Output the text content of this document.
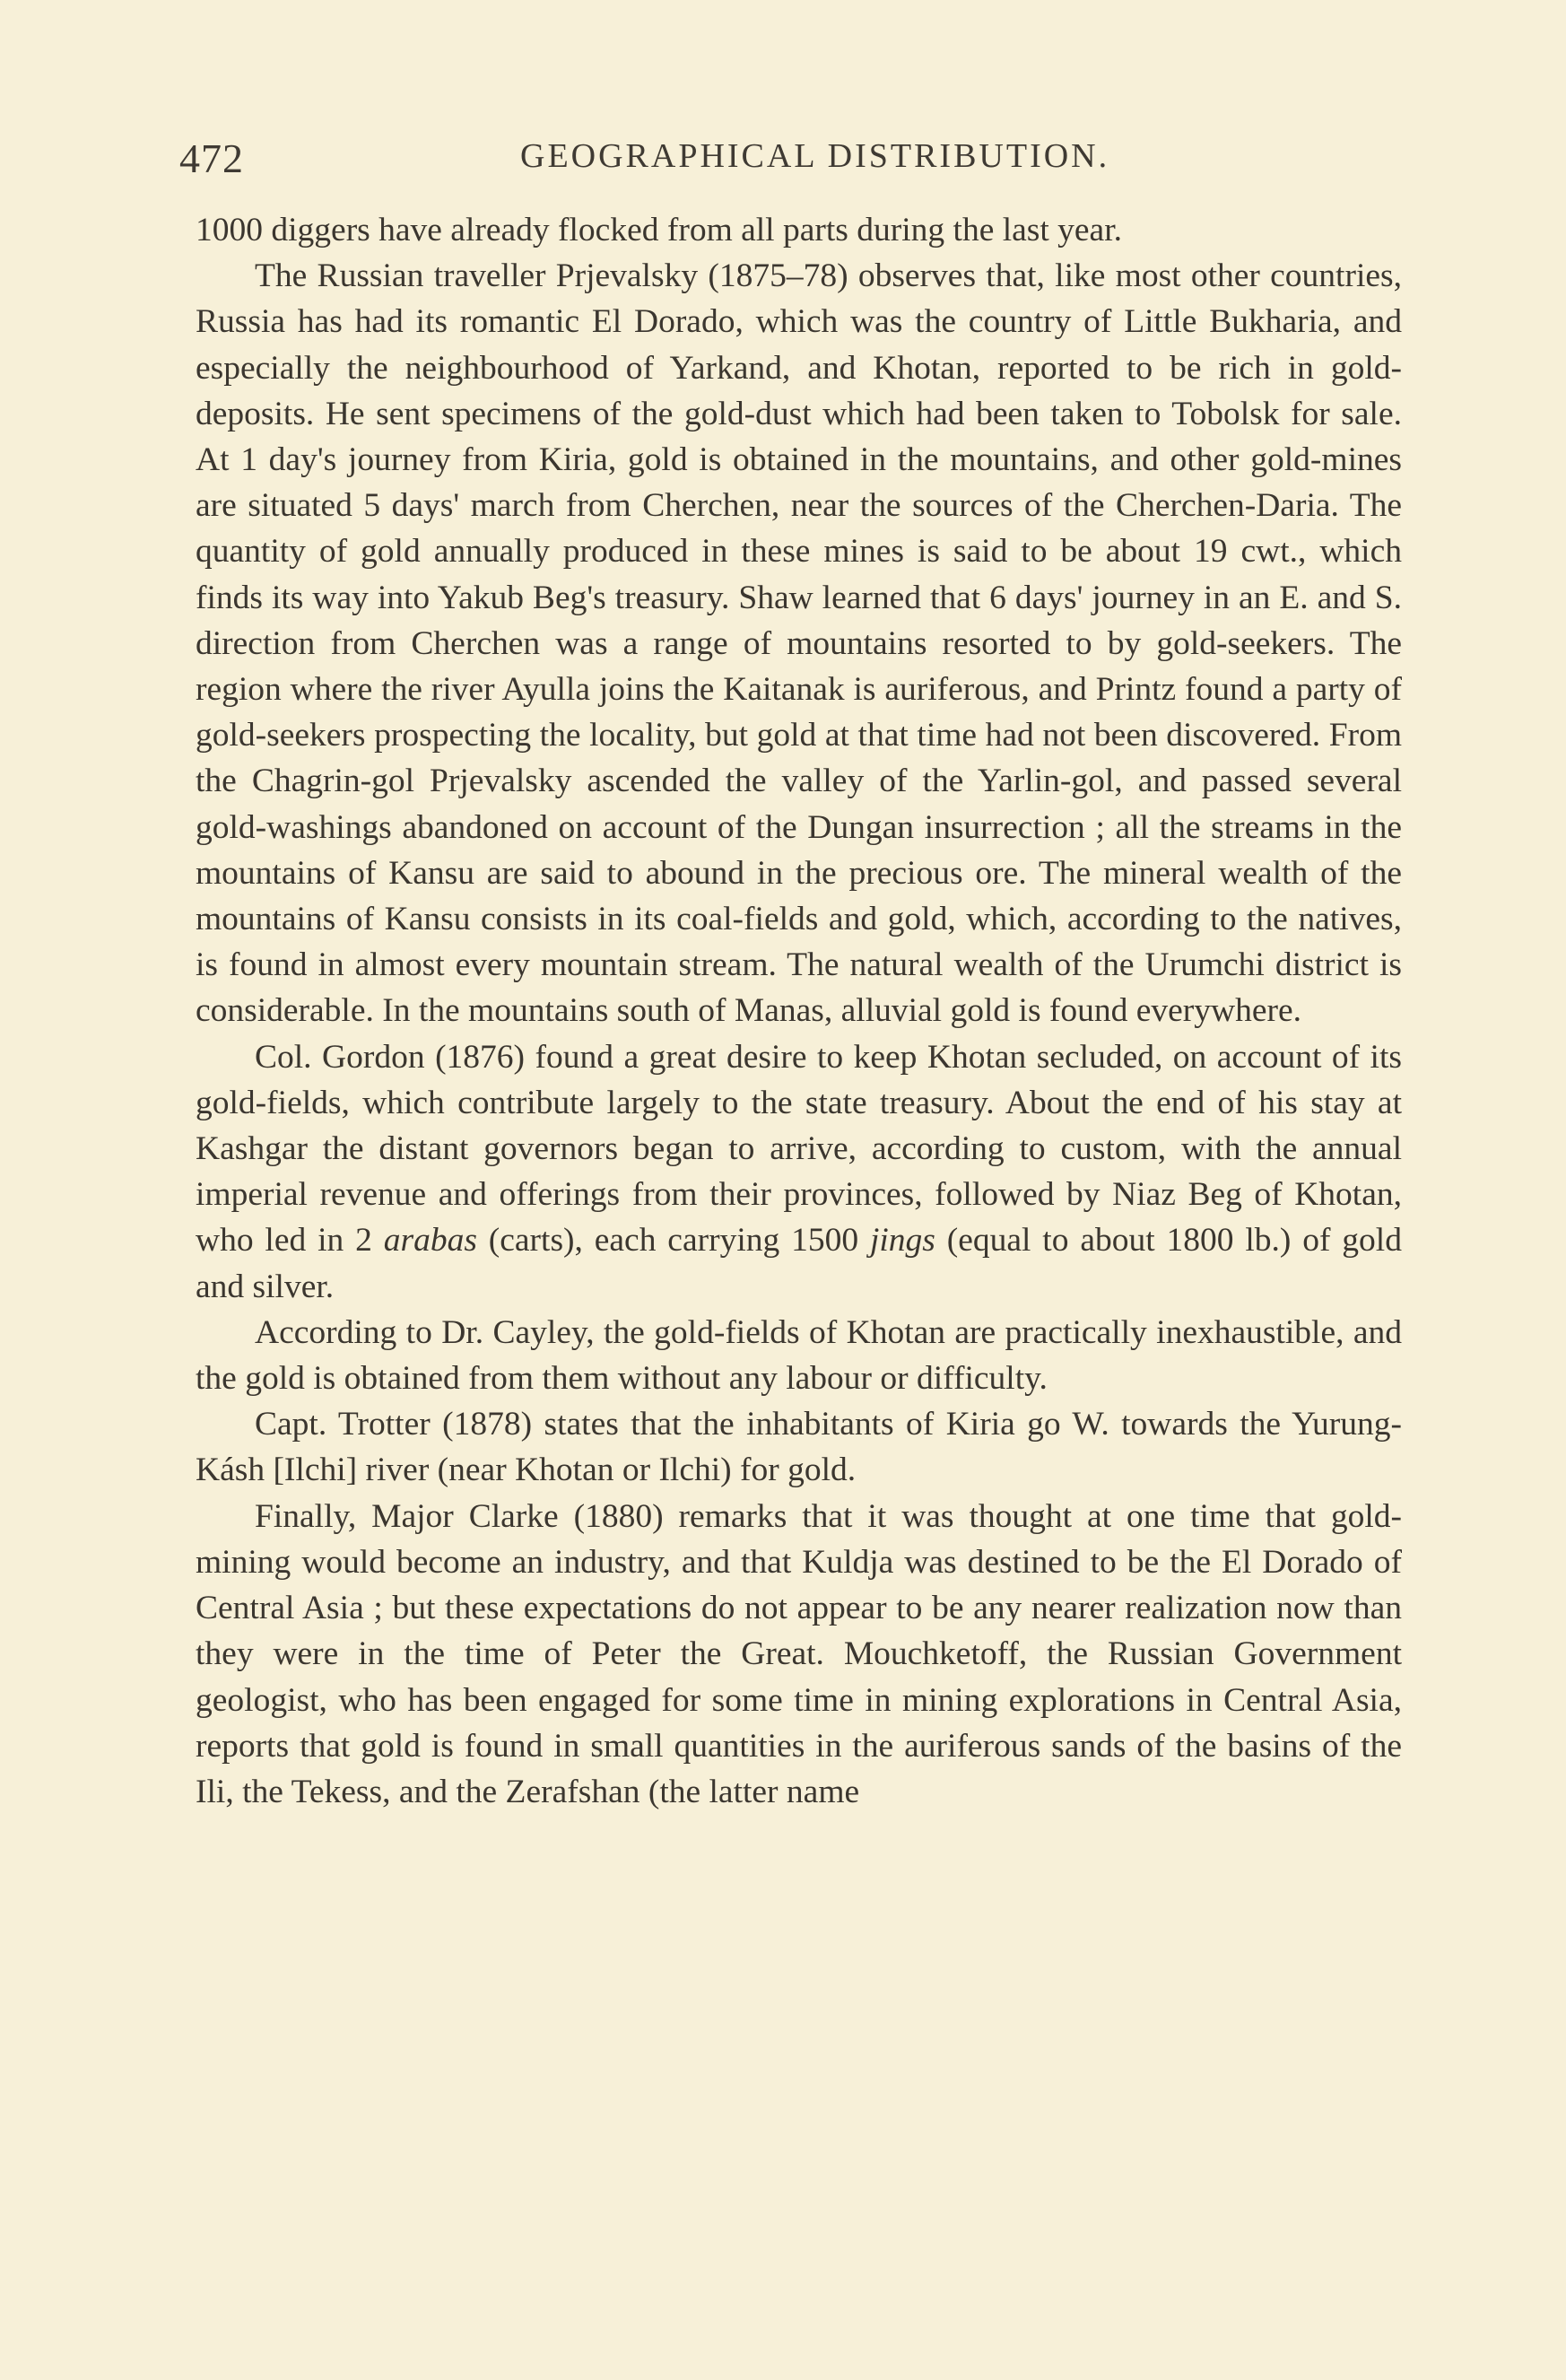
472	GEOGRAPHICAL DISTRIBUTION.

1000 diggers have already flocked from all parts during the last year.

The Russian traveller Prjevalsky (1875–78) observes that, like most other countries, Russia has had its romantic El Dorado, which was the country of Little Bukharia, and especially the neighbourhood of Yarkand, and Khotan, reported to be rich in gold-deposits. He sent specimens of the gold-dust which had been taken to Tobolsk for sale. At 1 day's journey from Kiria, gold is obtained in the mountains, and other gold-mines are situated 5 days' march from Cherchen, near the sources of the Cherchen-Daria. The quantity of gold annually produced in these mines is said to be about 19 cwt., which finds its way into Yakub Beg's treasury. Shaw learned that 6 days' journey in an E. and S. direction from Cherchen was a range of mountains resorted to by gold-seekers. The region where the river Ayulla joins the Kaitanak is auriferous, and Printz found a party of gold-seekers prospecting the locality, but gold at that time had not been discovered. From the Chagrin-gol Prjevalsky ascended the valley of the Yarlin-gol, and passed several gold-washings abandoned on account of the Dungan insurrection ; all the streams in the mountains of Kansu are said to abound in the precious ore. The mineral wealth of the mountains of Kansu consists in its coal-fields and gold, which, according to the natives, is found in almost every mountain stream. The natural wealth of the Urumchi district is considerable. In the mountains south of Manas, alluvial gold is found everywhere.

Col. Gordon (1876) found a great desire to keep Khotan secluded, on account of its gold-fields, which contribute largely to the state treasury. About the end of his stay at Kashgar the distant governors began to arrive, according to custom, with the annual imperial revenue and offerings from their provinces, followed by Niaz Beg of Khotan, who led in 2 arabas (carts), each carrying 1500 jings (equal to about 1800 lb.) of gold and silver.

According to Dr. Cayley, the gold-fields of Khotan are practically inexhaustible, and the gold is obtained from them without any labour or difficulty.

Capt. Trotter (1878) states that the inhabitants of Kiria go W. towards the Yurung-Kásh [Ilchi] river (near Khotan or Ilchi) for gold.

Finally, Major Clarke (1880) remarks that it was thought at one time that gold-mining would become an industry, and that Kuldja was destined to be the El Dorado of Central Asia ; but these expectations do not appear to be any nearer realization now than they were in the time of Peter the Great. Mouchketoff, the Russian Government geologist, who has been engaged for some time in mining explorations in Central Asia, reports that gold is found in small quantities in the auriferous sands of the basins of the Ili, the Tekess, and the Zerafshan (the latter name
